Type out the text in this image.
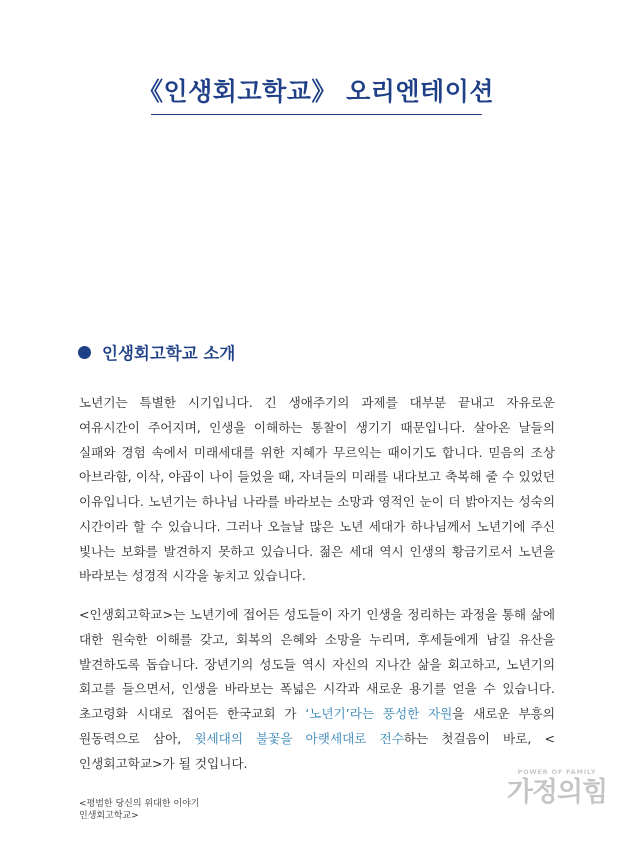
《인생회고학교》 오리엔테이션
인생회고학교 소개

노년기는 특별한 시기입니다. 긴 생애주기의 과제를 대부분 끝내고 자유로운 여유시간이 주어지며, 인생을 이해하는 통찰이 생기기 때문입니다. 살아온 날들의 실패와 경험 속에서 미래세대를 위한 지혜가 무르익는 때이기도 합니다. 믿음의 조상 아브라함, 이삭, 야곱이 나이 들었을 때, 자녀들의 미래를 내다보고 축복해 줄 수 있었던 이유입니다. 노년기는 하나님 나라를 바라보는 소망과 영적인 눈이 더 밝아지는 성숙의 시간이라 할 수 있습니다. 그러나 오늘날 많은 노년 세대가 하나님께서 노년기에 주신 빛나는 보화를 발견하지 못하고 있습니다. 젊은 세대 역시 인생의 황금기로서 노년을 바라보는 성경적 시각을 놓치고 있습니다.

<인생회고학교>는 노년기에 접어든 성도들이 자기 인생을 정리하는 과정을 통해 삶에 대한 원숙한 이해를 갖고, 회복의 은혜와 소망을 누리며, 후세들에게 남길 유산을 발견하도록 돕습니다. 장년기의 성도들 역시 자신의 지나간 삶을 회고하고, 노년기의 회고를 들으면서, 인생을 바라보는 폭넓은 시각과 새로운 용기를 얻을 수 있습니다. 초고령화 시대로 접어든 한국교회 가 ‘노년기’라는 풍성한 자원을 새로운 부흥의 원동력으로 삼아, 윗세대의 불꽃을 아랫세대로 전수하는 첫걸음이 바로, <인생회고학교>가 될 것입니다.

<평범한 당신의 위대한 이야기
인생회고학교>
POWER OF FAMILY
가정의힘
